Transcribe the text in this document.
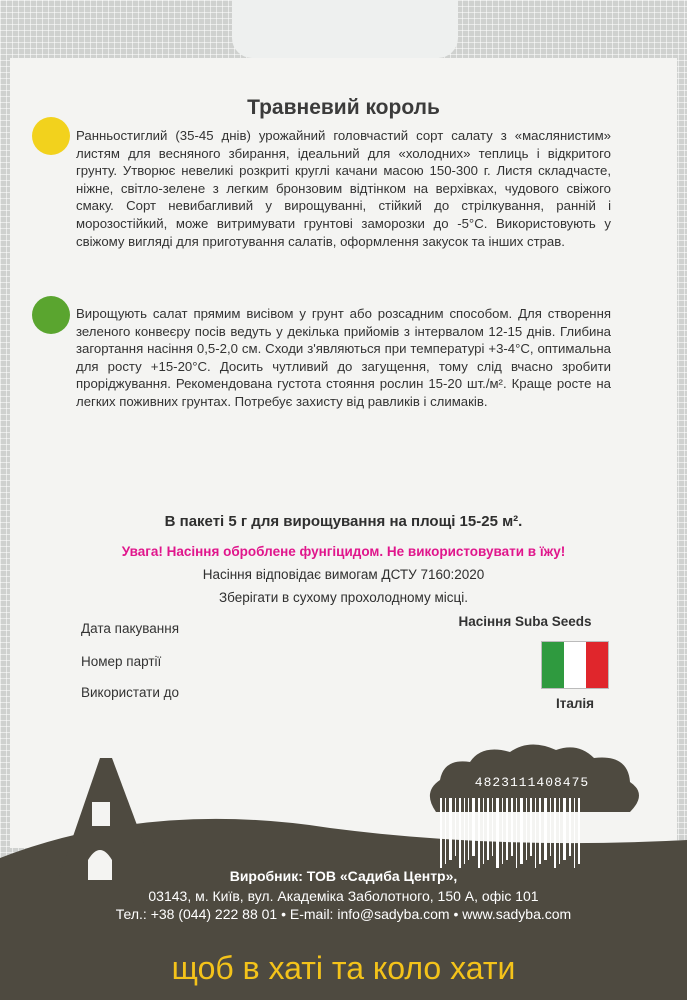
Травневий король

Ранньостиглий (35-45 днів) урожайний головчастий сорт салату з «маслянистим» листям для весняного збирання, ідеальний для «холодних» теплиць і відкритого грунту. Утворює невеликі розкриті круглі качани масою 150-300 г. Листя складчасте, ніжне, світло-зелене з легким бронзовим відтінком на верхівках, чудового свіжого смаку. Сорт невибагливий у вирощуванні, стійкий до стрілкування, ранній і морозостійкий, може витримувати грунтові заморозки до -5°С. Використовують у свіжому вигляді для приготування салатів, оформлення закусок та інших страв.

Вирощують салат прямим висівом у грунт або розсадним способом. Для створення зеленого конвеєру посів ведуть у декілька прийомів з інтервалом 12-15 днів. Глибина загортання насіння 0,5-2,0 см. Сходи з'являються при температурі +3-4°С, оптимальна для росту +15-20°С. Досить чутливий до загущення, тому слід вчасно зробити проріджування. Рекомендована густота стояння рослин 15-20 шт./м². Краще росте на легких поживних грунтах. Потребує захисту від равликів і слимаків.

В пакеті 5 г для вирощування на площі 15-25 м².
Увага! Насіння оброблене фунгіцидом. Не використовувати в їжу!
Насіння відповідає вимогам ДСТУ 7160:2020
Зберігати в сухому прохолодному місці.
Дата пакування
Номер партії
Використати до
Насіння Suba Seeds
Італія
4823111408475
Виробник: ТОВ «Садиба Центр»,
03143, м. Київ, вул. Академіка Заболотного, 150 А, офіс 101
Тел.: +38 (044) 222 88 01 • E-mail: info@sadyba.com • www.sadyba.com
щоб в хаті та коло хати
